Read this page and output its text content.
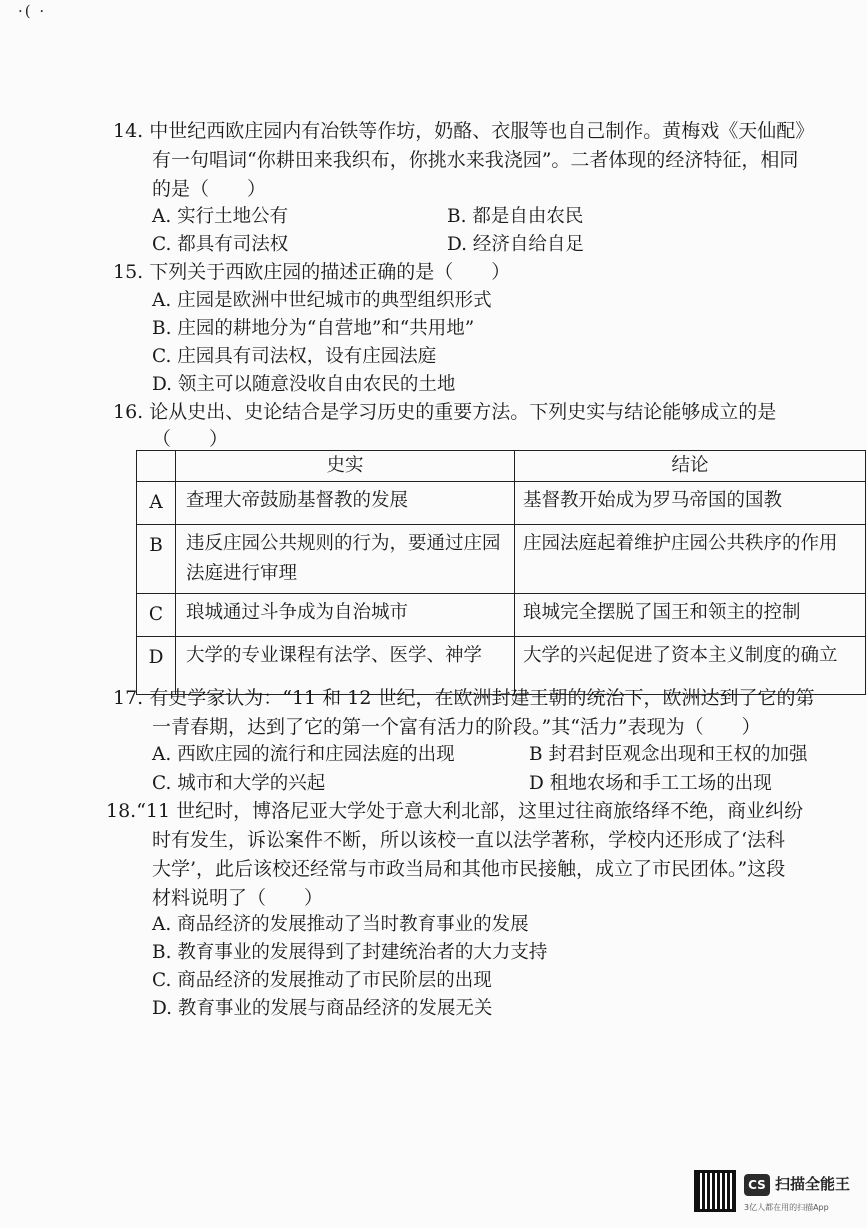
·( ·
14. 中世纪西欧庄园内有冶铁等作坊，奶酪、衣服等也自己制作。黄梅戏《天仙配》
有一句唱词“你耕田来我织布，你挑水来我浇园”。二者体现的经济特征，相同
的是（　　）
A. 实行土地公有	B. 都是自由农民
C. 都具有司法权	D. 经济自给自足
15. 下列关于西欧庄园的描述正确的是（　　）
A. 庄园是欧洲中世纪城市的典型组织形式
B. 庄园的耕地分为“自营地”和“共用地”
C. 庄园具有司法权，设有庄园法庭
D. 领主可以随意没收自由农民的土地
16. 论从史出、史论结合是学习历史的重要方法。下列史实与结论能够成立的是
（　　）
	史实	结论
A	查理大帝鼓励基督教的发展	基督教开始成为罗马帝国的国教
B	违反庄园公共规则的行为，要通过庄园法庭进行审理	庄园法庭起着维护庄园公共秩序的作用
C	琅城通过斗争成为自治城市	琅城完全摆脱了国王和领主的控制
D	大学的专业课程有法学、医学、神学	大学的兴起促进了资本主义制度的确立
17. 有史学家认为：“11 和 12 世纪，在欧洲封建王朝的统治下，欧洲达到了它的第
一青春期，达到了它的第一个富有活力的阶段。”其“活力”表现为（　　）
A. 西欧庄园的流行和庄园法庭的出现	B 封君封臣观念出现和王权的加强
C. 城市和大学的兴起	D 租地农场和手工工场的出现
18.“11 世纪时，博洛尼亚大学处于意大利北部，这里过往商旅络绎不绝，商业纠纷
时有发生，诉讼案件不断，所以该校一直以法学著称，学校内还形成了‘法科
大学’，此后该校还经常与市政当局和其他市民接触，成立了市民团体。”这段
材料说明了（　　）
A. 商品经济的发展推动了当时教育事业的发展
B. 教育事业的发展得到了封建统治者的大力支持
C. 商品经济的发展推动了市民阶层的出现
D. 教育事业的发展与商品经济的发展无关
CS 扫描全能王
3亿人都在用的扫描App
